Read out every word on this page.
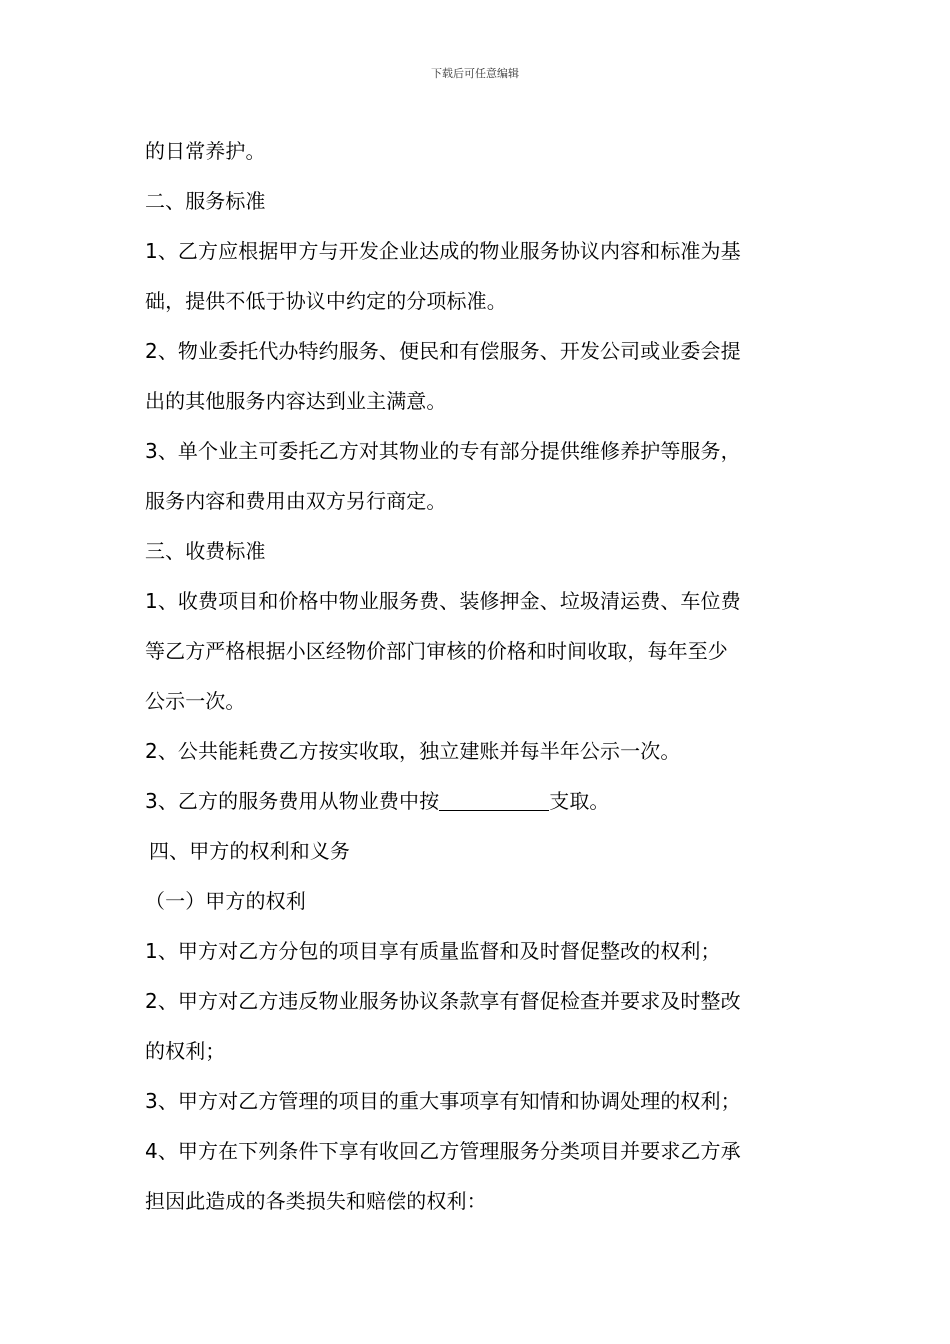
下载后可任意编辑
的日常养护。
二、服务标准
1、乙方应根据甲方与开发企业达成的物业服务协议内容和标准为基
础，提供不低于协议中约定的分项标准。
2、物业委托代办特约服务、便民和有偿服务、开发公司或业委会提
出的其他服务内容达到业主满意。
3、单个业主可委托乙方对其物业的专有部分提供维修养护等服务，
服务内容和费用由双方另行商定。
三、收费标准
1、收费项目和价格中物业服务费、装修押金、垃圾清运费、车位费
等乙方严格根据小区经物价部门审核的价格和时间收取，每年至少
公示一次。
2、公共能耗费乙方按实收取，独立建账并每半年公示一次。
3、乙方的服务费用从物业费中按	支取。
四、甲方的权利和义务
（一）甲方的权利
1、甲方对乙方分包的项目享有质量监督和及时督促整改的权利；
2、甲方对乙方违反物业服务协议条款享有督促检查并要求及时整改
的权利；
3、甲方对乙方管理的项目的重大事项享有知情和协调处理的权利；
4、甲方在下列条件下享有收回乙方管理服务分类项目并要求乙方承
担因此造成的各类损失和赔偿的权利：
